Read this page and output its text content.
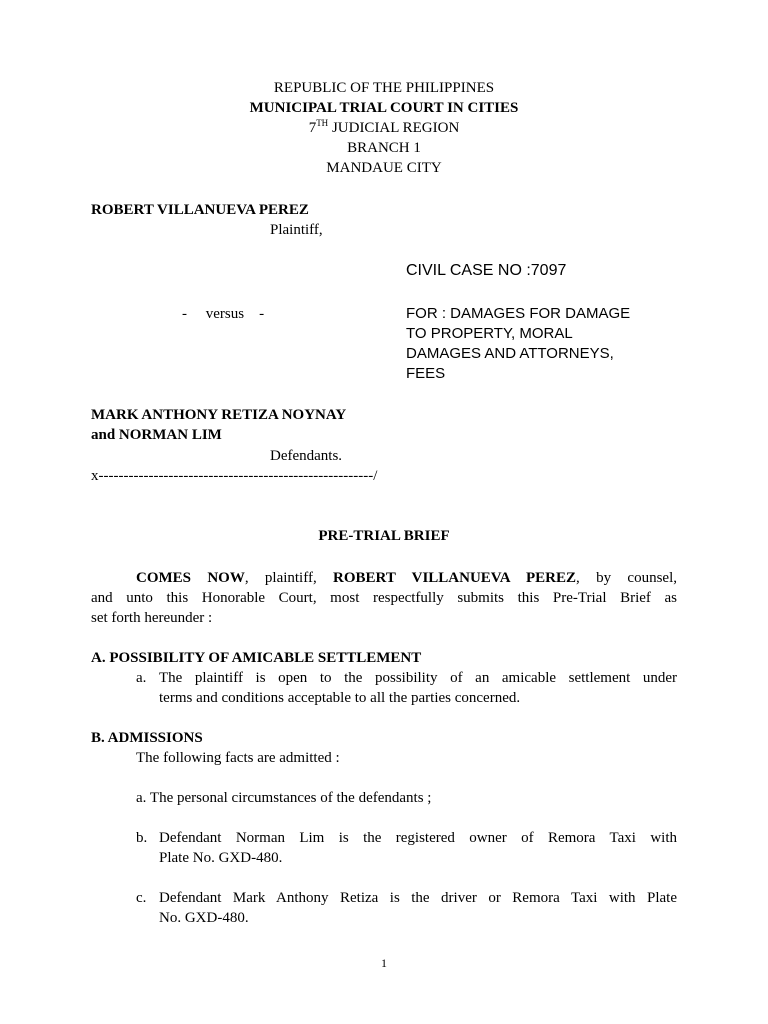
REPUBLIC OF THE PHILIPPINES
MUNICIPAL TRIAL COURT IN CITIES
7TH JUDICIAL REGION
BRANCH 1
MANDAUE CITY
ROBERT VILLANUEVA PEREZ
Plaintiff,
CIVIL CASE NO :7097
-     versus    -	FOR : DAMAGES FOR DAMAGE
TO PROPERTY, MORAL
DAMAGES AND ATTORNEYS,
FEES
MARK ANTHONY RETIZA NOYNAY
and NORMAN LIM
Defendants.
x-------------------------------------------------------/
PRE-TRIAL BRIEF
COMES NOW, plaintiff, ROBERT VILLANUEVA PEREZ, by counsel,
and unto this Honorable Court, most respectfully submits this Pre-Trial Brief as
set forth hereunder :
A. POSSIBILITY OF AMICABLE SETTLEMENT
a. The plaintiff is open to the possibility of an amicable settlement under
terms and conditions acceptable to all the parties concerned.
B. ADMISSIONS
The following facts are admitted :
a. The personal circumstances of the defendants ;
b. Defendant Norman Lim is the registered owner of Remora Taxi with
Plate No. GXD-480.
c. Defendant Mark Anthony Retiza is the driver or Remora Taxi with Plate
No. GXD-480.
1
